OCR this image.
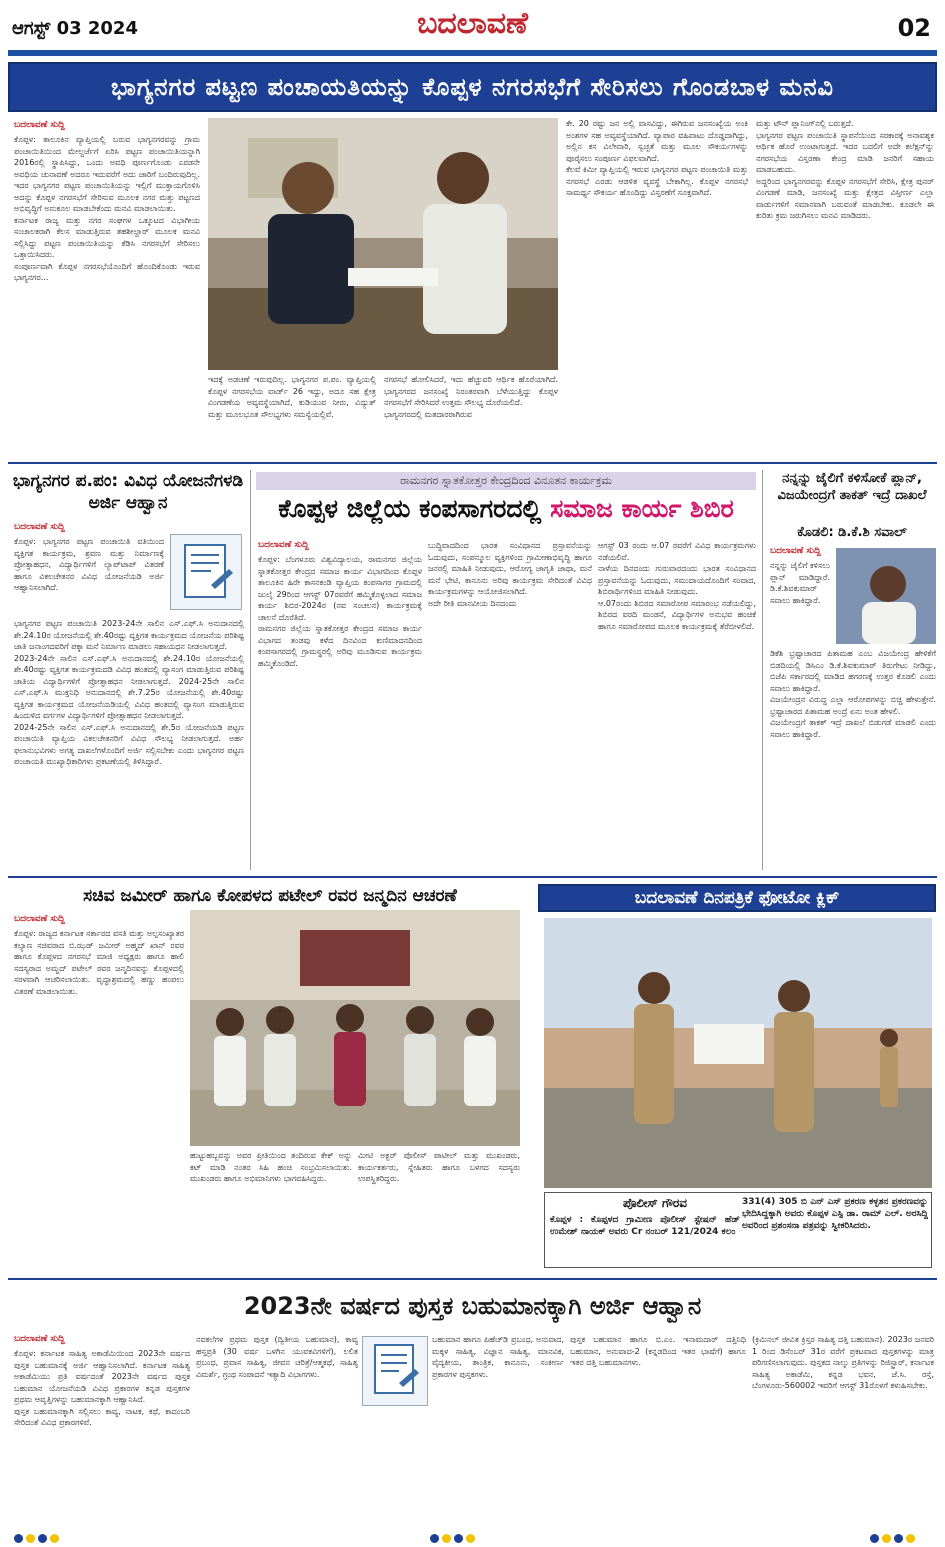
ಆಗಸ್ಟ್ 03 2024	ಬದಲಾವಣೆ	02
ಭಾಗ್ಯನಗರ ಪಟ್ಟಣ ಪಂಚಾಯತಿಯನ್ನು ಕೊಪ್ಪಳ ನಗರಸಭೆಗೆ ಸೇರಿಸಲು ಗೊಂಡಬಾಳ ಮನವಿ
ಬದಲಾವಣೆ ಸುದ್ದಿ
ಕೊಪ್ಪಳ: ತಾಲೂಕಿನ ವ್ಯಾಪ್ತಿಯಲ್ಲಿ ಬರುವ ಭಾಗ್ಯನಗರವನ್ನು ಗ್ರಾಮ ಪಂಚಾಯಿತಿಯಿಂದ ಮೇಲ್ದರ್ಜೆಗೆ ಏರಿಸಿ ಪಟ್ಟಣ ಪಂಚಾಯಿತಿಯನ್ನಾಗಿ 2016ರಲ್ಲಿ ಸ್ಥಾಪಿಸಿದ್ದು, ಒಂದು ಅವಧಿ ಪೂರ್ಣಗೊಂಡು ಎರಡನೇ ಅವಧಿಯ ಚುನಾವಣೆ ಅದರೂ ಇದುವರೆಗೆ ಅದು ಜಾರಿಗೆ ಬಂದಿರುವುದಿಲ್ಲ. ಇದರ ಭಾಗ್ಯನಗರ ಪಟ್ಟಣ ಪಂಚಾಯಿತಿಯನ್ನು ಇಲ್ಲಿಗೆ ಮುಕ್ತಾಯಗೊಳಿಸಿ ಅದನ್ನು ಕೊಪ್ಪಳ ನಗರಸಭೆಗೆ ಸೇರಿಸುವ ಮೂಲಕ ನಗರ ಮತ್ತು ಪಟ್ಟಣದ ಅಭಿವೃದ್ಧಿಗೆ ಅನುಕೂಲ ಮಾಡಬೇಕೆಂದು ಮನವಿ ಮಾಡಲಾಯಿತು.
ಕರ್ನಾಟಕ ರಾಜ್ಯ ಮತ್ತು ನಗರ ಸಂಘಗಳ ಒಕ್ಕೂಟದ ವಿಭಾಗೀಯ ಸಂಚಾಲಕರಾಗಿ ಕೆಲಸ ಮಾಡುತ್ತಿರುವ ತಹಶೀಲ್ದಾರ್ ಮೂಲಕ ಮನವಿ ಸಲ್ಲಿಸಿದ್ದು ಪಟ್ಟಣ ಪಂಚಾಯಿತಿಯನ್ನು ಕೆಡಿಸಿ ನಗರಸಭೆಗೆ ಸೇರಿಸಲು ಒತ್ತಾಯಿಸಿದರು.
ಸಂಪೂರ್ಣವಾಗಿ ಕೊಪ್ಪಳ ನಗರಸಭೆಯೊಂದಿಗೆ ಹೊಂದಿಕೊಂಡು ಇರುವ ಭಾಗ್ಯನಗರ...
ಇದಕ್ಕೆ ಅಡಚಣೆ ಇರುವುದಿಲ್ಲ. ಭಾಗ್ಯನಗರ ಪ.ಪಂ. ವ್ಯಾಪ್ತಿಯಲ್ಲಿ ಕೊಪ್ಪಳ ನಗರಸಭೆಯ ವಾರ್ಡ್ 26 ಇದ್ದು, ಅದೂ ಸಹ ಕ್ಷೇತ್ರ ವಿಂಗಡಣೆಯ ಅವ್ಯವಸ್ಥೆಯಾಗಿದೆ, ಕುಡಿಯುವ ನೀರು, ವಿದ್ಯುತ್ ಮತ್ತು ಮೂಲಭೂತ ಸೌಲಭ್ಯಗಳು ಸಮಸ್ಯೆಯಲ್ಲಿವೆ.
ನಗರಸಭೆ ಹೋಲಿಸಿದರೆ, ಇದು ಹೆಚ್ಚುವರಿ ಆರ್ಥಿಕ ಹೊರೆಯಾಗಿದೆ. ಭಾಗ್ಯನಗರದ ಜನಸಂಖ್ಯೆ ನಿರಂತರವಾಗಿ ಬೆಳೆಯುತ್ತಿದ್ದು ಕೊಪ್ಪಳ ನಗರಸಭೆಗೆ ಸೇರಿಸಿದರೆ ಉತ್ತಮ ಸೌಲಭ್ಯ ದೊರೆಯಲಿದೆ.
ಭಾಗ್ಯನಗರದಲ್ಲಿ ಮತದಾರರಾಗಿರುವ
ಕೇ. 20 ರಷ್ಟು ಜನ ಅಲ್ಲಿ ವಾಸವಿದ್ದು, ಈಗಿರುವ ಜನಸಂಖ್ಯೆಯ ಅಂಕಿ ಅಂಶಗಳ ಸಹ ಅವ್ಯವಸ್ಥೆಯಾಗಿದೆ. ವ್ಯಾಪಾರ ವಹಿವಾಟು ದೊಡ್ಡದಾಗಿದ್ದು, ಅಲ್ಲಿನ ಕಸ ವಿಲೇವಾರಿ, ಸ್ವಚ್ಛತೆ ಮತ್ತು ಮೂಲ ಸೌಕರ್ಯಗಳನ್ನು ಪೂರೈಸಲು ಸಂಪೂರ್ಣ ವಿಫಲವಾಗಿದೆ.
ಕೆಲವೆ ಕಿಮೀ ವ್ಯಾಪ್ತಿಯಲ್ಲಿ ಇರುವ ಭಾಗ್ಯನಗರ ಪಟ್ಟಣ ಪಂಚಾಯಿತಿ ಮತ್ತು ನಗರಸಭೆ ಎರಡು ಆಡಳಿತ ವ್ಯವಸ್ಥೆ ಬೇಕಾಗಿಲ್ಲ. ಕೊಪ್ಪಳ ನಗರಸಭೆ ಸಾಮರ್ಥ್ಯ ಸೌಕರ್ಯ ಹೊಂದಿದ್ದು ವಿಸ್ತರಣೆಗೆ ಸೂಕ್ತವಾಗಿದೆ.
ಮತ್ತು ಟೌನ್ ಪ್ಲಾನಿಂಗ್‌ನಲ್ಲಿ ಬರುತ್ತದೆ.
ಭಾಗ್ಯನಗರ ಪಟ್ಟಣ ಪಂಚಾಯಿತಿ ಸ್ಥಾಪನೆಯಿಂದ ಸರಕಾರಕ್ಕೆ ಅನಾವಶ್ಯಕ ಆರ್ಥಿಕ ಹೊರೆ ಉಂಟಾಗುತ್ತದೆ. ಇದರ ಬದಲಿಗೆ ಅದೇ ಕಲೆಕ್ಷನ್‌ನ್ನು ನಗರಸಭೆಯ ವಿಸ್ತರಣಾ ಕೇಂದ್ರ ಮಾಡಿ ಜನರಿಗೆ ಸಹಾಯ ಮಾಡಬಹುದು.
ಅದ್ದರಿಂದ ಭಾಗ್ಯನಗರವನ್ನು ಕೊಪ್ಪಳ ನಗರಸಭೆಗೆ ಸೇರಿಸಿ, ಕ್ಷೇತ್ರ ಪುನರ್ ವಿಂಗಡಣೆ ಮಾಡಿ, ಜನಸಂಖ್ಯೆ ಮತ್ತು ಕ್ಷೇತ್ರದ ವಿಸ್ತೀರ್ಣ ಎಲ್ಲಾ ವಾರ್ಡುಗಳಿಗೆ ಸಮಾನವಾಗಿ ಬರುವಂತೆ ಮಾಡಬೇಕು. ಕೂಡಲೇ ಈ ಕುರಿತು ಕ್ರಮ ಜರುಗಿಸಲು ಮನವಿ ಮಾಡಿದರು.
ಭಾಗ್ಯನಗರ ಪ.ಪಂ: ವಿವಿಧ ಯೋಜನೆಗಳಡಿ ಅರ್ಜಿ ಆಹ್ವಾನ
ಬದಲಾವಣೆ ಸುದ್ದಿ
ಕೊಪ್ಪಳ: ಭಾಗ್ಯನಗರ ಪಟ್ಟಣ ಪಂಚಾಯಿತಿ ವತಿಯಿಂದ ವ್ಯಕ್ತಿಗತ ಕಾರ್ಯಕ್ರಮ, ಶ್ರವಣ ಮತ್ತು ನಿರ್ಮಾಣಕ್ಕೆ ಪ್ರೋತ್ಸಾಹಧನ, ವಿದ್ಯಾರ್ಥಿಗಳಿಗೆ ಲ್ಯಾಪ್‌ಟಾಪ್ ವಿತರಣೆ ಹಾಗೂ ವಿಕಲಚೇತನರ ವಿವಿಧ ಯೋಜನೆಯಡಿ ಅರ್ಜಿ ಆಹ್ವಾನಿಸಲಾಗಿದೆ.
ಭಾಗ್ಯನಗರ ಪಟ್ಟಣ ಪಂಚಾಯಿತಿ 2023-24ನೇ ಸಾಲಿನ ಎಸ್.ಎಫ್.ಸಿ ಅನುದಾನದಲ್ಲಿ ಶೇ.24.10ರ ಯೋಜನೆಯಲ್ಲಿ ಶೇ.40ರಷ್ಟು ವ್ಯಕ್ತಿಗತ ಕಾರ್ಯಕ್ರಮದ ಯೋಜನೆಯ ಪರಿಶಿಷ್ಟ ಜಾತಿ ಜನಾಂಗದವರಿಗೆ ಪಕ್ಕಾ ಮನೆ ನಿರ್ಮಾಣ ಮಾಡಲು ಸಹಾಯಧನ ನೀಡಲಾಗುತ್ತದೆ.
2023-24ನೇ ಸಾಲಿನ ಎಸ್.ಎಫ್.ಸಿ ಅನುದಾನದಲ್ಲಿ ಶೇ.24.10ರ ಯೋಜನೆಯಲ್ಲಿ ಶೇ.40ರಷ್ಟು ವ್ಯಕ್ತಿಗತ ಕಾರ್ಯಕ್ರಮದಡಿ ವಿವಿಧ ಹಂತದಲ್ಲಿ ವ್ಯಾಸಂಗ ಮಾಡುತ್ತಿರುವ ಪರಿಶಿಷ್ಟ ಜಾತಿಯ ವಿದ್ಯಾರ್ಥಿಗಳಿಗೆ ಪ್ರೋತ್ಸಾಹಧನ ನೀಡಲಾಗುತ್ತದೆ. 2024-25ನೇ ಸಾಲಿನ ಎಸ್.ಎಫ್.ಸಿ ಮುಕ್ತನಿಧಿ ಅನುದಾನದಲ್ಲಿ ಶೇ.7.25ರ ಯೋಜನೆಯಲ್ಲಿ ಶೇ.40ರಷ್ಟು ವ್ಯಕ್ತಿಗತ ಕಾರ್ಯಕ್ರಮದ ಯೋಜನೆಯಡಿಯಲ್ಲಿ ವಿವಿಧ ಹಂತದಲ್ಲಿ ವ್ಯಾಸಂಗ ಮಾಡುತ್ತಿರುವ ಹಿಂದುಳಿದ ವರ್ಗಗಳ ವಿದ್ಯಾರ್ಥಿಗಳಿಗೆ ಪ್ರೋತ್ಸಾಹಧನ ನೀಡಲಾಗುತ್ತದೆ.
2024-25ನೇ ಸಾಲಿನ ಎಸ್.ಎಫ್.ಸಿ ಅನುದಾನದಲ್ಲಿ ಶೇ.5ರ ಯೋಜನೆಯಡಿ ಪಟ್ಟಣ ಪಂಚಾಯಿತಿ ವ್ಯಾಪ್ತಿಯ ವಿಕಲಚೇತನರಿಗೆ ವಿವಿಧ ಸೌಲಭ್ಯ ನೀಡಲಾಗುತ್ತದೆ. ಅರ್ಹ ಫಲಾನುಭವಿಗಳು ಅಗತ್ಯ ದಾಖಲೆಗಳೊಂದಿಗೆ ಅರ್ಜಿ ಸಲ್ಲಿಸಬೇಕು ಎಂದು ಭಾಗ್ಯನಗರ ಪಟ್ಟಣ ಪಂಚಾಯತಿ ಮುಖ್ಯಾಧಿಕಾರಿಗಳು ಪ್ರಕಟಣೆಯಲ್ಲಿ ತಿಳಿಸಿದ್ದಾರೆ.
ರಾಮನಗರ ಸ್ನಾತಕೋತ್ತರ ಕೇಂದ್ರದಿಂದ ವಿನೂತನ ಕಾರ್ಯಕ್ರಮ
ಕೊಪ್ಪಳ ಜಿಲ್ಲೆಯ ಕಂಪಸಾಗರದಲ್ಲಿ ಸಮಾಜ ಕಾರ್ಯ ಶಿಬಿರ
ಬದಲಾವಣೆ ಸುದ್ದಿ
ಕೊಪ್ಪಳ: ಬೆಂಗಳೂರು ವಿಶ್ವವಿದ್ಯಾಲಯ, ರಾಮನಗರ ಜಿಲ್ಲೆಯ ಸ್ನಾತಕೋತ್ತರ ಕೇಂದ್ರದ ಸಮಾಜ ಕಾರ್ಯ ವಿಭಾಗದಿಂದ ಕೊಪ್ಪಳ ತಾಲೂಕಿನ ಹಿರೇ ಕಾಸನಕಂಡಿ ವ್ಯಾಪ್ತಿಯ ಕಂಪಸಾಗರ ಗ್ರಾಮದಲ್ಲಿ ಜುಲೈ 29ರಿಂದ ಆಗಸ್ಟ್ 07ರವರೆಗೆ ಹಮ್ಮಿಕೊಳ್ಳಲಾದ ಸಮಾಜ ಕಾರ್ಯ ಶಿಬಿರ-2024ರ (ನವ ಸಂಚಲನ) ಕಾರ್ಯಕ್ರಮಕ್ಕೆ ಚಾಲನೆ ದೊರೆತಿದೆ.
ರಾಮನಗರ ಜಿಲ್ಲೆಯ ಸ್ನಾತಕೋತ್ತರ ಕೇಂದ್ರದ ಸಮಾಜ ಕಾರ್ಯ ವಿಭಾಗದ ತಂಡವು ಕಳೆದ ದಿನವಿಂದ ಕುಣಿಮಾದನದಿಂದ ಕಂಪಸಾಗರದಲ್ಲಿ ಗ್ರಾಮಸ್ಥರಲ್ಲಿ ಅರಿವು ಮೂಡಿಸುವ ಕಾರ್ಯಕ್ರಮ ಹಮ್ಮಿಕೊಂಡಿದೆ.
ಬುದ್ಧಿವಾದದಿಂದ ಭಾರತ ಸಂವಿಧಾನದ ಪ್ರಸ್ತಾವನೆಯನ್ನು ಓದುವುದು, ಸಂಪನ್ಮೂಲ ವ್ಯಕ್ತಿಗಳಿಂದ ಗ್ರಾಮೀಣಾಭಿವೃದ್ಧಿ ಹಾಗೂ ಜನರಲ್ಲಿ ಮಾಹಿತಿ ನೀಡುವುದು, ಆರೋಗ್ಯ ಜಾಗೃತಿ ಜಾಥಾ, ಮನೆ ಮನೆ ಭೇಟಿ, ಕಾನೂನು ಅರಿವು ಕಾರ್ಯಕ್ರಮ ಸೇರಿದಂತೆ ವಿವಿಧ ಕಾರ್ಯಕ್ರಮಗಳನ್ನು ಆಯೋಜಿಸಲಾಗಿದೆ.
ಅದೇ ರೀತಿ ಮಾನವೀಯ ದಿನದಂದು
ಆಗಸ್ಟ್ 03 ರಂದು ಆ.07 ರವರೆಗೆ ವಿವಿಧ ಕಾರ್ಯಕ್ರಮಗಳು ನಡೆಯಲಿವೆ.
ನಾಳೆಯ ದಿನದಂದು ಗುರುವಾರದಂದು ಭಾರತ ಸಂವಿಧಾನದ ಪ್ರಸ್ತಾವನೆಯನ್ನು ಓದುವುದು, ಸಮುದಾಯದೊಂದಿಗೆ ಸಂವಾದ, ಶಿಬಿರಾರ್ಥಿಗಳಿಂದ ಮಾಹಿತಿ ನೀಡುವುದು.
ಆ.07ರಂದು ಶಿಬಿರದ ಸಮಾರೋಪ ಸಮಾರಂಭ ನಡೆಯಲಿದ್ದು, ಶಿಬಿರದ ವರದಿ ಮಂಡನೆ, ವಿದ್ಯಾರ್ಥಿಗಳ ಅನುಭವ ಹಂಚಿಕೆ ಹಾಗೂ ಸಮಾರೋಪದ ಮೂಲಕ ಕಾರ್ಯಕ್ರಮಕ್ಕೆ ತೆರೆಬೀಳಲಿದೆ.
ನನ್ನನ್ನು ಜೈಲಿಗೆ ಕಳಿಸೋಕೆ ಪ್ಲಾನ್, ವಿಜಯೇಂದ್ರಗೆ ತಾಕತ್ ಇದ್ರೆ ದಾಖಲೆ
ಕೊಡಲಿ: ಡಿ.ಕೆ.ಶಿ ಸವಾಲ್
ಬದಲಾವಣೆ ಸುದ್ದಿ
ನನ್ನನ್ನು ಜೈಲಿಗೆ ಕಳಿಸಲು ಪ್ಲಾನ್ ಮಾಡಿದ್ದಾರೆ. ಡಿ.ಕೆ.ಶಿವಕುಮಾರ್ ಸವಾಲು ಹಾಕಿದ್ದಾರೆ.
ಡಿಕೆಶಿ ಭ್ರಷ್ಟಾಚಾರದ ಪಿತಾಮಹ ಎಂಬ ವಿಜಯೇಂದ್ರ ಹೇಳಿಕೆಗೆ ಬಿಡದಿಯಲ್ಲಿ ಡಿಸಿಎಂ ಡಿ.ಕೆ.ಶಿವಕುಮಾರ್ ತಿರುಗೇಟು ನೀಡಿದ್ದು, ಬಿಜೆಪಿ ಸರ್ಕಾರದಲ್ಲಿ ಮಾಡಿದ ಹಗರಣಕ್ಕೆ ಉತ್ತರ ಕೊಡಲಿ ಎಂದು ಸವಾಲು ಹಾಕಿದ್ದಾರೆ.
ವಿಜಯೇಂದ್ರನ ವಿರುದ್ಧ ಎಲ್ಲಾ ಆರೋಪಗಳನ್ನು ಬಿಚ್ಚಿ ಹೇಳುತ್ತೇನೆ. ಭ್ರಷ್ಟಾಚಾರದ ಪಿತಾಮಹ ಅಂದ್ರೆ ಏನು ಅಂತ ಹೇಳಲಿ.
ವಿಜಯೇಂದ್ರಗೆ ತಾಕತ್ ಇದ್ರೆ ದಾಖಲೆ ಬಿಡುಗಡೆ ಮಾಡಲಿ ಎಂದು ಸವಾಲು ಹಾಕಿದ್ದಾರೆ.
ಸಚಿವ ಜಮೀರ್ ಹಾಗೂ ಕೋಪಳದ ಪಟೇಲ್ ರವರ ಜನ್ಮದಿನ ಆಚರಣೆ
ಬದಲಾವಣೆ ಸುದ್ದಿ
ಕೊಪ್ಪಳ: ರಾಜ್ಯದ ಕರ್ನಾಟಕ ಸರ್ಕಾರದ ವಸತಿ ಮತ್ತು ಅಲ್ಪಸಂಖ್ಯಾತರ ಕಲ್ಯಾಣ ಸಚಿವರಾದ ಬಿ.ಝಡ್ ಜಮೀರ್ ಅಹ್ಮದ್ ಖಾನ್ ರವರ ಹಾಗೂ ಕೊಪ್ಪಳದ ನಗರಸಭೆ ಮಾಜಿ ಅಧ್ಯಕ್ಷರು ಹಾಗೂ ಹಾಲಿ ಸದಸ್ಯರಾದ ಅಮ್ಜದ್ ಪಟೇಲ್ ರವರ ಜನ್ಮದಿನವನ್ನು ಕೊಪ್ಪಳದಲ್ಲಿ ಸರಳವಾಗಿ ಆಚರಿಸಲಾಯಿತು. ವೃದ್ಧಾಶ್ರಮದಲ್ಲಿ ಹಣ್ಣು ಹಂಪಲು ವಿತರಣೆ ಮಾಡಲಾಯಿತು.
ಹುಟ್ಟುಹಬ್ಬವನ್ನು ಅವರ ಪ್ರೀತಿಯಿಂದ ತಂದಿರುವ ಕೇಕ್ ಅನ್ನು ಕಟ್ ಮಾಡಿ ನಂತರ ಸಿಹಿ ಹಂಚಿ ಸಂಭ್ರಮಿಸಲಾಯಿತು. ಮುಖಂಡರು ಹಾಗೂ ಅಭಿಮಾನಿಗಳು ಭಾಗವಹಿಸಿದ್ದರು.
ಮೀಟಿ ಅಕ್ಬರ್ ಪೊಲೀಸ್ ಪಾಟೀಲ್ ಮತ್ತು ಮುಖಂಡರು, ಕಾರ್ಯಕರ್ತರು, ಸ್ನೇಹಿತರು ಹಾಗೂ ಬಳಗದ ಸದಸ್ಯರು ಉಪಸ್ಥಿತರಿದ್ದರು.
ಬದಲಾವಣೆ ದಿನಪತ್ರಿಕೆ ಫೋಟೋ ಕ್ಲಿಕ್
ಪೊಲೀಸ್ ಗೌರವ
ಕೊಪ್ಪಳ : ಕೊಪ್ಪಳದ ಗ್ರಾಮೀಣ ಪೊಲೀಸ್ ಸ್ಟೇಷನ್ ಹೆಡ್ ಉಮೇಶ್ ನಾಯಕ್ ಅವರು Cr ನಂಬರ್ 121/2024 ಕಲಂ
331(4) 305 ಬಿ ಎನ್ ಎಸ್ ಪ್ರಕರಣ ಕಳ್ಳತನ ಪ್ರಕರಣವನ್ನು ಭೇದಿಸಿದ್ದಕ್ಕಾಗಿ ಅವರು ಕೊಪ್ಪಳ ಎಸ್ಪಿ ಡಾ. ರಾಮ್ ಎಲ್. ಅರಸಿದ್ದಿ ಅವರಿಂದ ಪ್ರಶಂಸನಾ ಪತ್ರವನ್ನು ಸ್ವೀಕರಿಸಿದರು.
2023ನೇ ವರ್ಷದ ಪುಸ್ತಕ ಬಹುಮಾನಕ್ಕಾಗಿ ಅರ್ಜಿ ಆಹ್ವಾನ
ಬದಲಾವಣೆ ಸುದ್ದಿ
ಕೊಪ್ಪಳ: ಕರ್ನಾಟಕ ಸಾಹಿತ್ಯ ಅಕಾಡೆಮಿಯಿಂದ 2023ನೇ ವರ್ಷದ ಪುಸ್ತಕ ಬಹುಮಾನಕ್ಕೆ ಅರ್ಜಿ ಆಹ್ವಾನಿಸಲಾಗಿದೆ. ಕರ್ನಾಟಕ ಸಾಹಿತ್ಯ ಅಕಾಡೆಮಿಯು ಪ್ರತಿ ವರ್ಷದಂತೆ 2023ನೇ ವರ್ಷದ ಪುಸ್ತಕ ಬಹುಮಾನ ಯೋಜನೆಯಡಿ ವಿವಿಧ ಪ್ರಕಾರಗಳ ಕನ್ನಡ ಪುಸ್ತಕಗಳ ಪ್ರಥಮ ಆವೃತ್ತಿಗಳನ್ನು ಬಹುಮಾನಕ್ಕಾಗಿ ಆಹ್ವಾನಿಸಿದೆ.
ಪುಸ್ತಕ ಬಹುಮಾನಕ್ಕಾಗಿ ಸಲ್ಲಿಸಲು ಕಾವ್ಯ, ನಾಟಕ, ಕಥೆ, ಕಾದಂಬರಿ ಸೇರಿದಂತೆ ವಿವಿಧ ಪ್ರಕಾರಗಳಿವೆ.
ನವಕಲೆಗಳ ಪ್ರಥಮ ಪುಸ್ತಕ (ದ್ವಿತೀಯ ಬಹುಮಾನ), ಕಾವ್ಯ ಹಸ್ತಪ್ರತಿ (30 ವರ್ಷ ಒಳಗಿನ ಯುವಕವಿಗಳಿಗೆ), ಲಲಿತ ಪ್ರಬಂಧ, ಪ್ರವಾಸ ಸಾಹಿತ್ಯ, ಜೀವನ ಚರಿತ್ರೆ/ಆತ್ಮಕಥೆ, ಸಾಹಿತ್ಯ ವಿಮರ್ಶೆ, ಗ್ರಂಥ ಸಂಪಾದನೆ ಇತ್ಯಾದಿ ವಿಭಾಗಗಳು.
ಬಹುಮಾನ ಹಾಗೂ ಪಿಹೆಚ್‌ಡಿ ಪ್ರಬಂಧ, ಅನುವಾದ, ಮಕ್ಕಳ ಸಾಹಿತ್ಯ, ವಿಜ್ಞಾನ ಸಾಹಿತ್ಯ, ಮಾನವಿಕ, ವೈದ್ಯಕೀಯ, ತಾಂತ್ರಿಕ, ಕಾನೂನು, ಸಂಕೀರ್ಣ ಪ್ರಕಾರಗಳ ಪುಸ್ತಕಗಳು.
ಪುಸ್ತಕ ಬಹುಮಾನ ಹಾಗೂ ಬಿ.ಎಂ. ಇನಾಮದಾರ್ ದತ್ತಿನಿಧಿ ಬಹುಮಾನ, ಅನುವಾದ-2 (ಕನ್ನಡದಿಂದ ಇತರ ಭಾಷೆಗೆ) ಹಾಗೂ ಇತರ ದತ್ತಿ ಬಹುಮಾನಗಳು.
(ಕ್ರಿಮಿನಲ್ ಜೀವಿತ ಕ್ರಿಸ್ತರ ಸಾಹಿತ್ಯ ದತ್ತಿ ಬಹುಮಾನ). 2023ರ ಜನವರಿ 1 ರಿಂದ ಡಿಸೆಂಬರ್ 31ರ ವರೆಗೆ ಪ್ರಕಟವಾದ ಪುಸ್ತಕಗಳನ್ನು ಮಾತ್ರ ಪರಿಗಣಿಸಲಾಗುವುದು. ಪುಸ್ತಕದ ನಾಲ್ಕು ಪ್ರತಿಗಳನ್ನು ರಿಜಿಸ್ಟ್ರಾರ್, ಕರ್ನಾಟಕ ಸಾಹಿತ್ಯ ಅಕಾಡೆಮಿ, ಕನ್ನಡ ಭವನ, ಜೆ.ಸಿ. ರಸ್ತೆ, ಬೆಂಗಳೂರು-560002 ಇವರಿಗೆ ಆಗಸ್ಟ್ 31ರೊಳಗೆ ಕಳುಹಿಸಬೇಕು.
